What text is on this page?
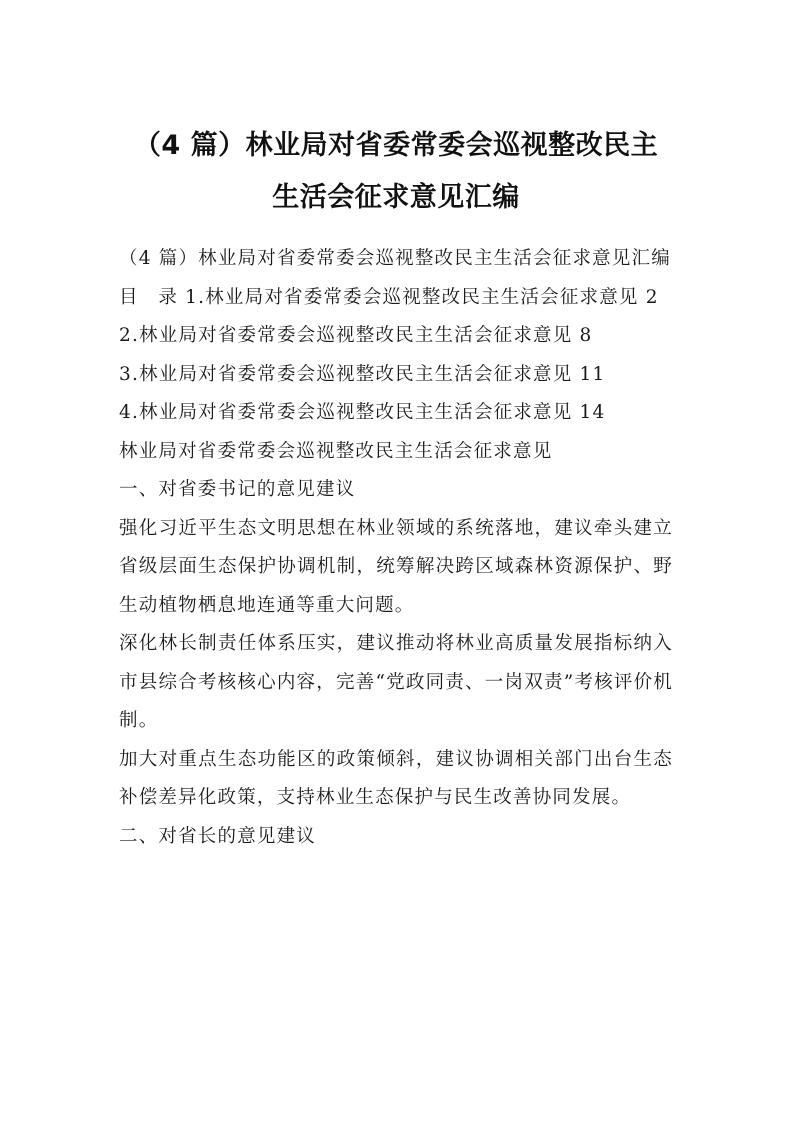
（4 篇）林业局对省委常委会巡视整改民主
生活会征求意见汇编

（4 篇）林业局对省委常委会巡视整改民主生活会征求意见汇编

目　录 1.林业局对省委常委会巡视整改民主生活会征求意见 2

2.林业局对省委常委会巡视整改民主生活会征求意见 8

3.林业局对省委常委会巡视整改民主生活会征求意见 11

4.林业局对省委常委会巡视整改民主生活会征求意见 14

林业局对省委常委会巡视整改民主生活会征求意见

一、对省委书记的意见建议

强化习近平生态文明思想在林业领域的系统落地，建议牵头建立省级层面生态保护协调机制，统筹解决跨区域森林资源保护、野生动植物栖息地连通等重大问题。

深化林长制责任体系压实，建议推动将林业高质量发展指标纳入市县综合考核核心内容，完善“党政同责、一岗双责”考核评价机制。

加大对重点生态功能区的政策倾斜，建议协调相关部门出台生态补偿差异化政策，支持林业生态保护与民生改善协同发展。

二、对省长的意见建议
